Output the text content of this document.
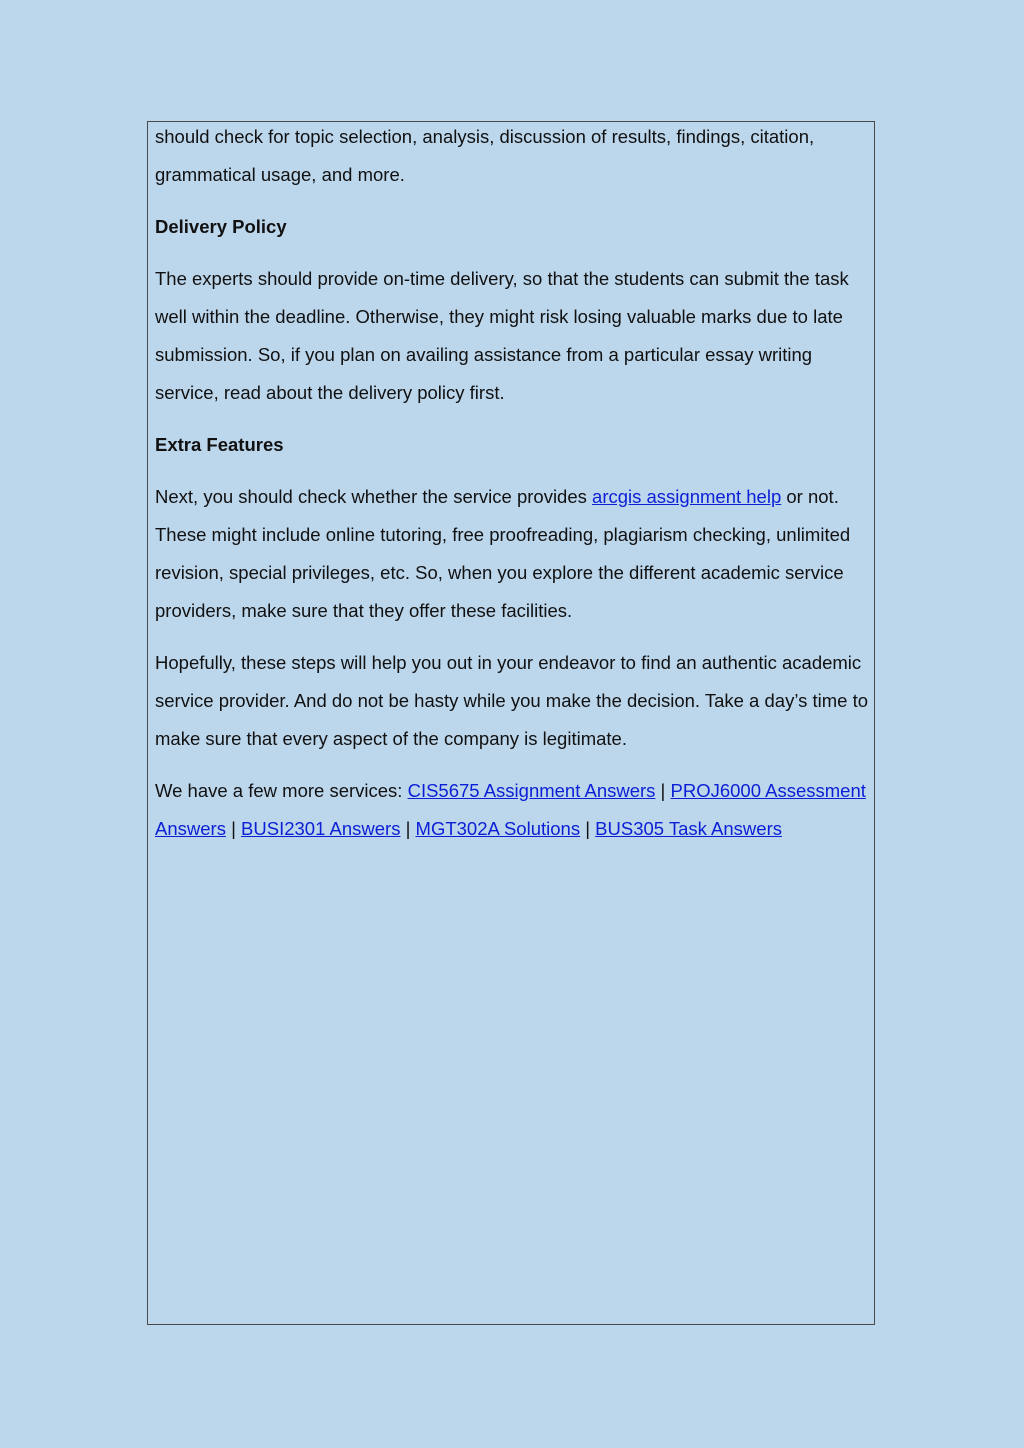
should check for topic selection, analysis, discussion of results, findings, citation, grammatical usage, and more.

Delivery Policy

The experts should provide on-time delivery, so that the students can submit the task well within the deadline. Otherwise, they might risk losing valuable marks due to late submission. So, if you plan on availing assistance from a particular essay writing service, read about the delivery policy first.

Extra Features

Next, you should check whether the service provides arcgis assignment help or not. These might include online tutoring, free proofreading, plagiarism checking, unlimited revision, special privileges, etc. So, when you explore the different academic service providers, make sure that they offer these facilities.

Hopefully, these steps will help you out in your endeavor to find an authentic academic service provider. And do not be hasty while you make the decision. Take a day’s time to make sure that every aspect of the company is legitimate.

We have a few more services: CIS5675 Assignment Answers | PROJ6000 Assessment Answers | BUSI2301 Answers | MGT302A Solutions | BUS305 Task Answers
